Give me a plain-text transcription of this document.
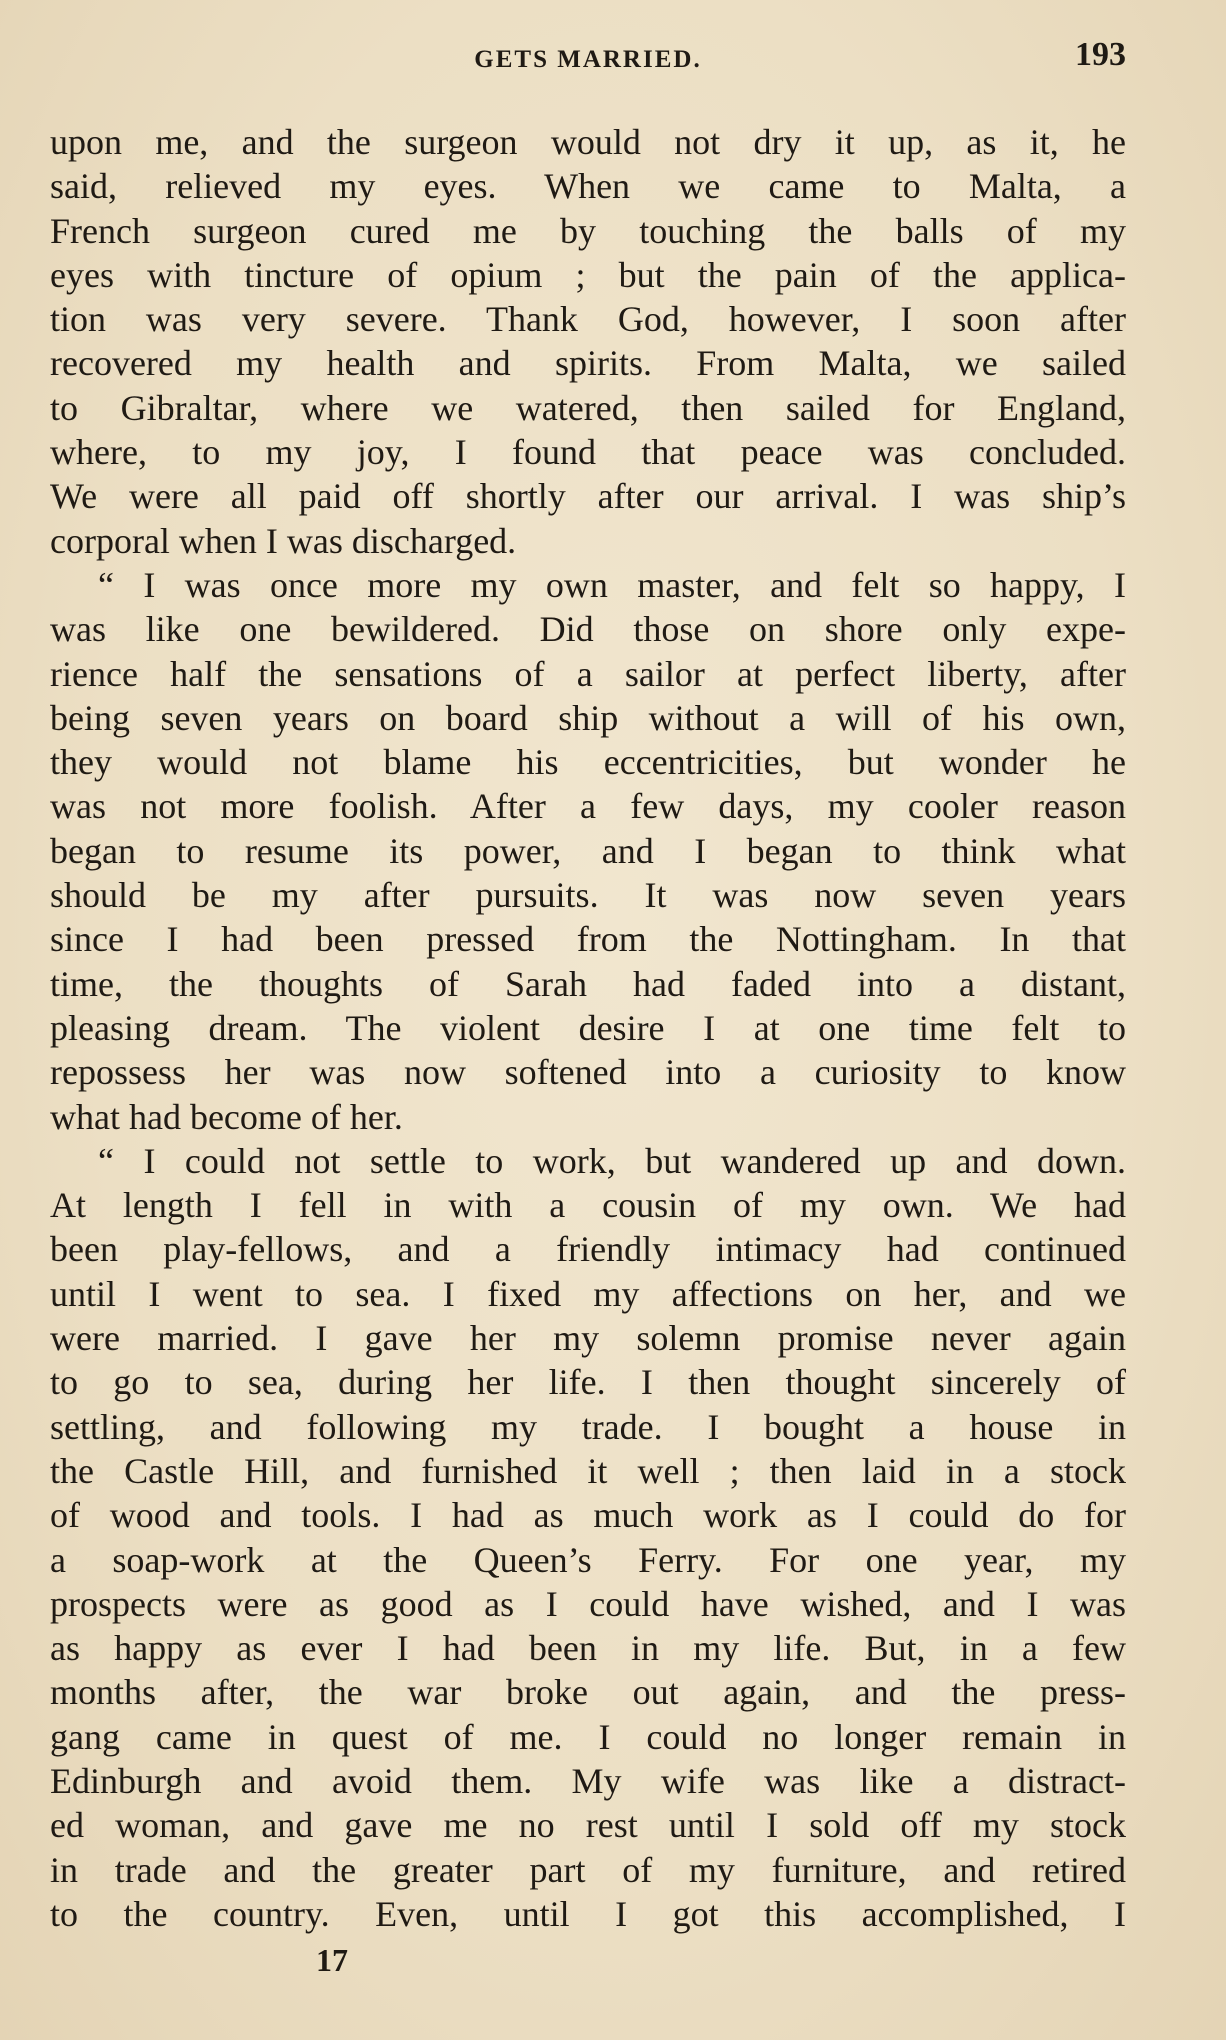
GETS MARRIED.	193
upon me, and the surgeon would not dry it up, as it, he
said, relieved my eyes. When we came to Malta, a
French surgeon cured me by touching the balls of my
eyes with tincture of opium ; but the pain of the applica-
tion was very severe. Thank God, however, I soon after
recovered my health and spirits. From Malta, we sailed
to Gibraltar, where we watered, then sailed for England,
where, to my joy, I found that peace was concluded.
We were all paid off shortly after our arrival. I was ship’s
corporal when I was discharged.
“ I was once more my own master, and felt so happy, I
was like one bewildered. Did those on shore only expe-
rience half the sensations of a sailor at perfect liberty, after
being seven years on board ship without a will of his own,
they would not blame his eccentricities, but wonder he
was not more foolish. After a few days, my cooler reason
began to resume its power, and I began to think what
should be my after pursuits. It was now seven years
since I had been pressed from the Nottingham. In that
time, the thoughts of Sarah had faded into a distant,
pleasing dream. The violent desire I at one time felt to
repossess her was now softened into a curiosity to know
what had become of her.
“ I could not settle to work, but wandered up and down.
At length I fell in with a cousin of my own. We had
been play-fellows, and a friendly intimacy had continued
until I went to sea. I fixed my affections on her, and we
were married. I gave her my solemn promise never again
to go to sea, during her life. I then thought sincerely of
settling, and following my trade. I bought a house in
the Castle Hill, and furnished it well ; then laid in a stock
of wood and tools. I had as much work as I could do for
a soap-work at the Queen’s Ferry. For one year, my
prospects were as good as I could have wished, and I was
as happy as ever I had been in my life. But, in a few
months after, the war broke out again, and the press-
gang came in quest of me. I could no longer remain in
Edinburgh and avoid them. My wife was like a distract-
ed woman, and gave me no rest until I sold off my stock
in trade and the greater part of my furniture, and retired
to the country. Even, until I got this accomplished, I
17
